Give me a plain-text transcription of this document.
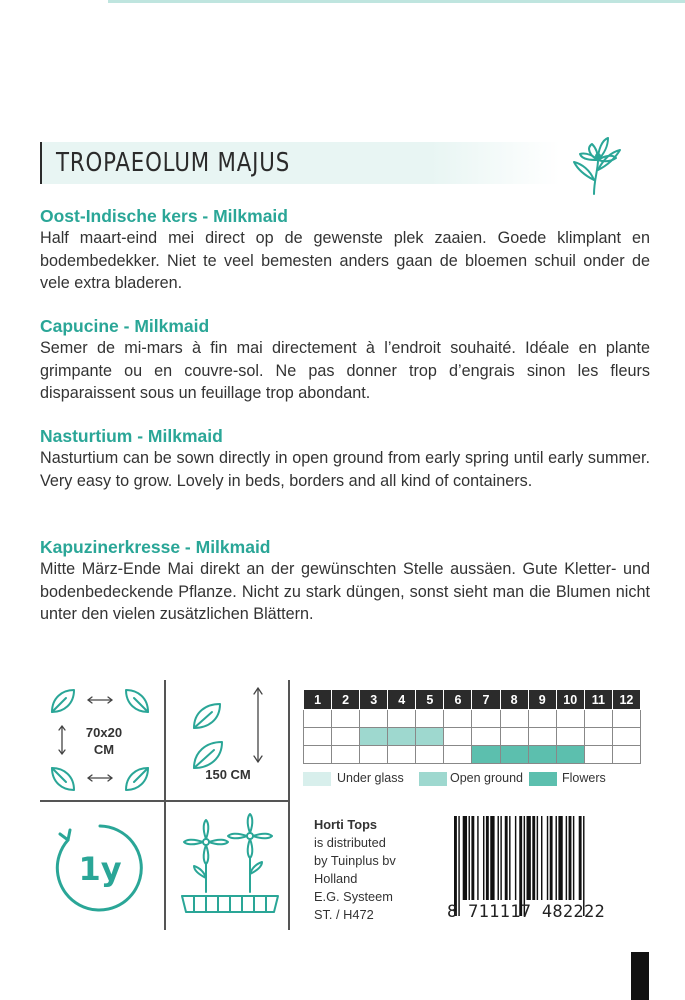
TROPAEOLUM MAJUS
Oost-Indische kers - Milkmaid

Half maart-eind mei direct op de gewenste plek zaaien. Goede klimplant en bodembedekker. Niet te veel bemesten anders gaan de bloemen schuil onder de vele extra bladeren.

Capucine - Milkmaid

Semer de mi-mars à fin mai directement à l’endroit souhaité. Idéale en plante grimpante ou en couvre-sol. Ne pas donner trop d’engrais sinon les fleurs disparaissent sous un feuillage trop abondant.

Nasturtium - Milkmaid

Nasturtium can be sown directly in open ground from early spring until early summer. Very easy to grow. Lovely in beds, borders and all kind of containers.

Kapuzinerkresse - Milkmaid

Mitte März-Ende Mai direkt an der gewünschten Stelle aussäen. Gute Kletter- und bodenbedeckende Pflanze. Nicht zu stark düngen, sonst sieht man die Blumen nicht unter den vielen zusätzlichen Blättern.

70x20
CM
150 CM
1y
1	2	3	4	5	6	7	8	9	10	11	12

Under glass	Open ground	Flowers
Horti Tops
is distributed
by Tuinplus bv
Holland
E.G. Systeem
ST. / H472	8 711117 482222
